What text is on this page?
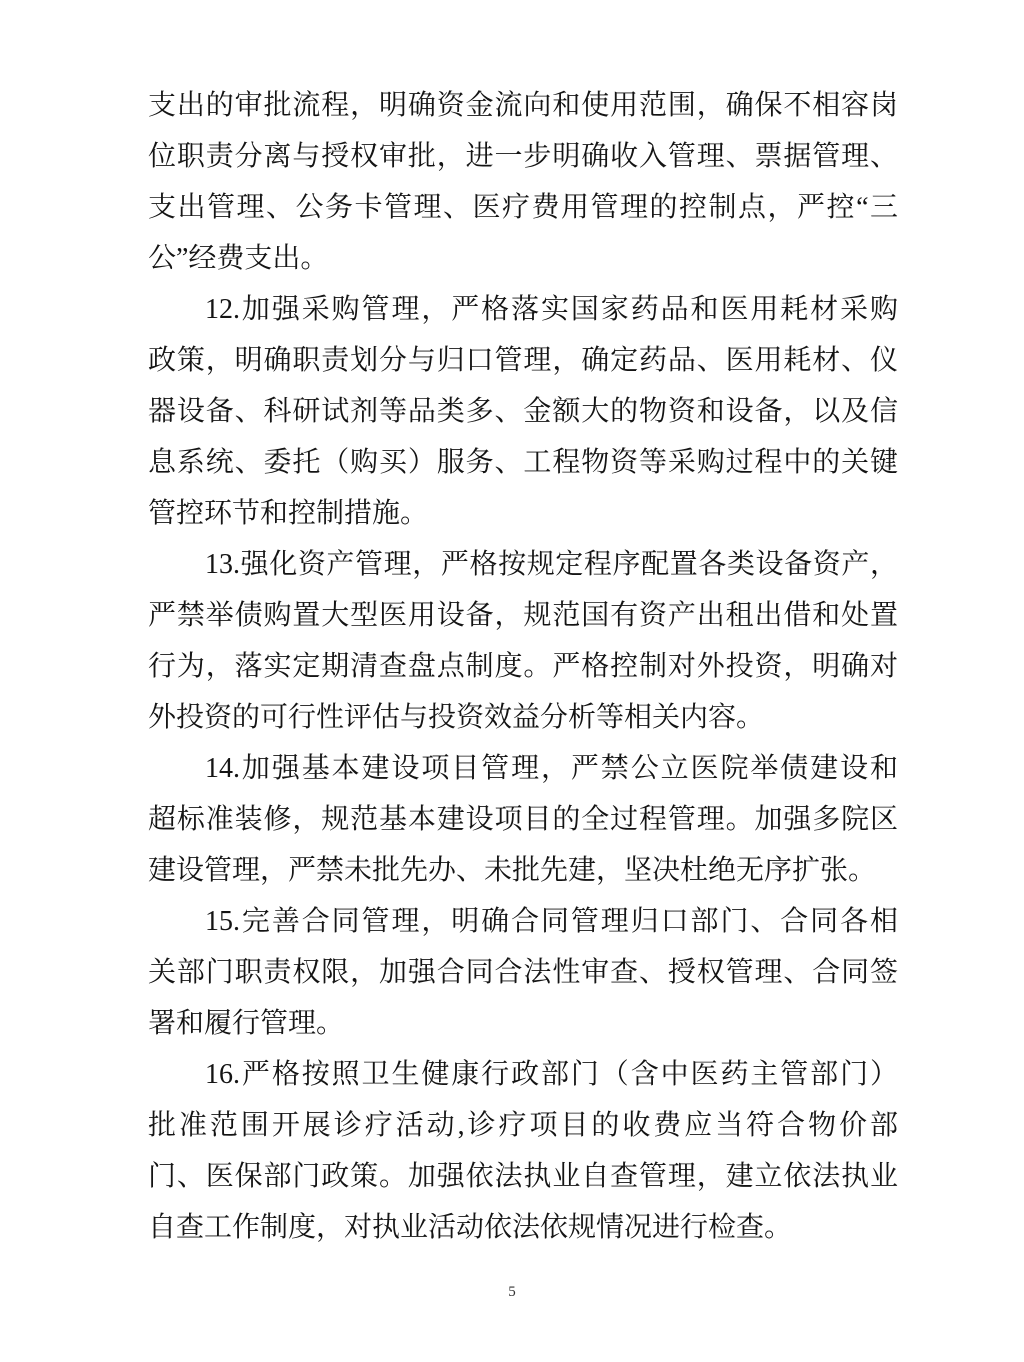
支出的审批流程，明确资金流向和使用范围，确保不相容岗
位职责分离与授权审批，进一步明确收入管理、票据管理、
支出管理、公务卡管理、医疗费用管理的控制点，严控“三
公”经费支出。
12.加强采购管理，严格落实国家药品和医用耗材采购
政策，明确职责划分与归口管理，确定药品、医用耗材、仪
器设备、科研试剂等品类多、金额大的物资和设备，以及信
息系统、委托（购买）服务、工程物资等采购过程中的关键
管控环节和控制措施。
13.强化资产管理，严格按规定程序配置各类设备资产，
严禁举债购置大型医用设备，规范国有资产出租出借和处置
行为，落实定期清查盘点制度。严格控制对外投资，明确对
外投资的可行性评估与投资效益分析等相关内容。
14.加强基本建设项目管理，严禁公立医院举债建设和
超标准装修，规范基本建设项目的全过程管理。加强多院区
建设管理，严禁未批先办、未批先建，坚决杜绝无序扩张。
15.完善合同管理，明确合同管理归口部门、合同各相
关部门职责权限，加强合同合法性审查、授权管理、合同签
署和履行管理。
16.严格按照卫生健康行政部门（含中医药主管部门）
批准范围开展诊疗活动,诊疗项目的收费应当符合物价部
门、医保部门政策。加强依法执业自查管理，建立依法执业
自查工作制度，对执业活动依法依规情况进行检查。
5
